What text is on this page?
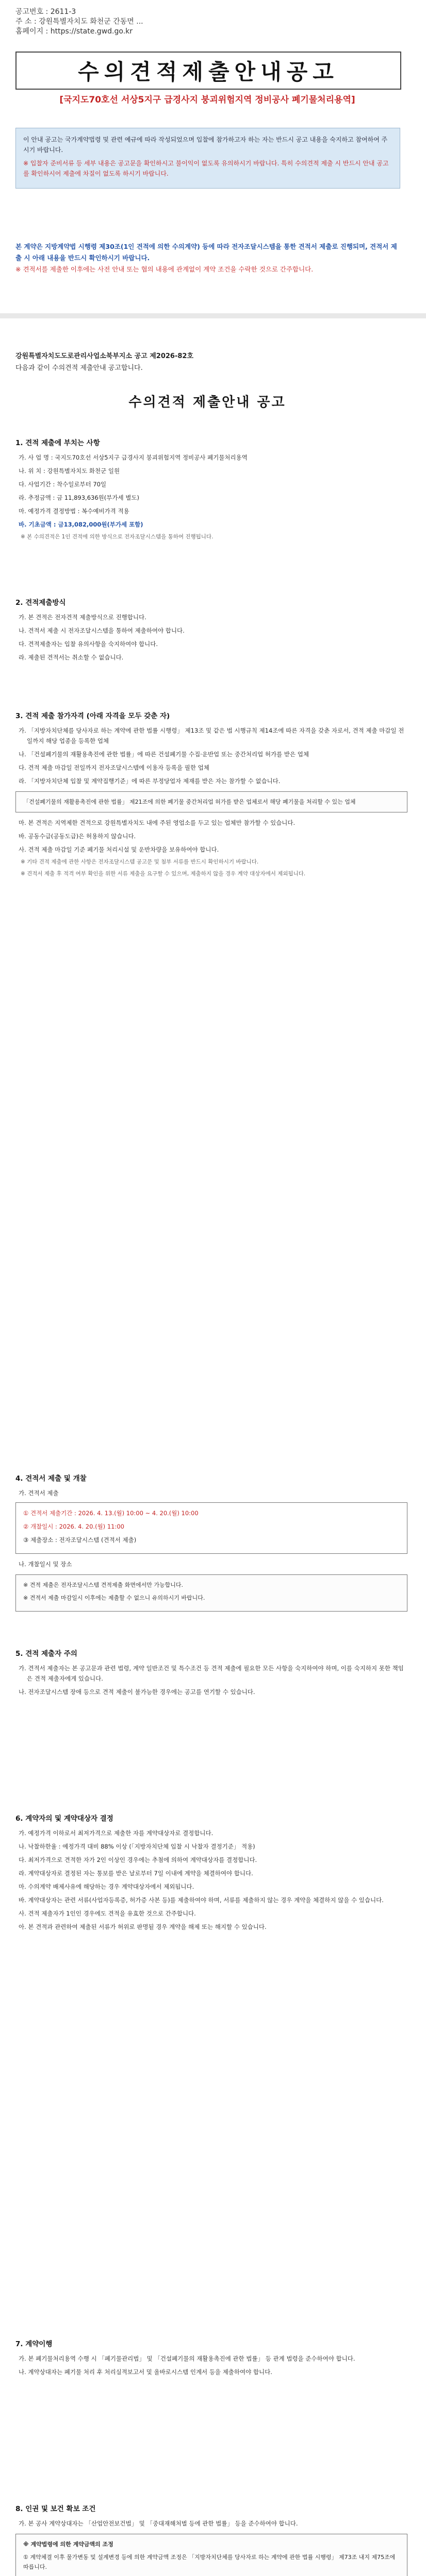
공고번호 : 2611-3
주 소 : 강원특별자치도 화천군 간동면 ...
홈페이지 : https://state.gwd.go.kr
수의견적제출안내공고
[국지도70호선 서상5지구 급경사지 붕괴위험지역 정비공사 폐기물처리용역]

이 안내 공고는 국가계약법령 및 관련 예규에 따라 작성되었으며 입찰에 참가하고자 하는 자는 반드시 공고 내용을 숙지하고 참여하여 주시기 바랍니다.

※ 입찰자 준비서류 등 세부 내용은 공고문을 확인하시고 불이익이 없도록 유의하시기 바랍니다. 특히 수의견적 제출 시 반드시 안내 공고를 확인하시어 제출에 차질이 없도록 하시기 바랍니다.

본 계약은 지방계약법 시행령 제30조(1인 견적에 의한 수의계약) 등에 따라 전자조달시스템을 통한 견적서 제출로 진행되며, 견적서 제출 시 아래 내용을 반드시 확인하시기 바랍니다.
※ 견적서를 제출한 이후에는 사전 안내 또는 협의 내용에 관계없이 계약 조건을 수락한 것으로 간주합니다.
강원특별자치도도로관리사업소북부지소 공고 제2026-82호
다음과 같이 수의견적 제출안내 공고합니다.
수의견적 제출안내 공고
1. 견적 제출에 부치는 사항

가. 사 업 명 : 국지도70호선 서상5지구 급경사지 붕괴위험지역 정비공사 폐기물처리용역

나. 위 치 : 강원특별자치도 화천군 일원

다. 사업기간 : 착수일로부터 70일

라. 추정금액 : 금 11,893,636원(부가세 별도)

마. 예정가격 결정방법 : 복수예비가격 적용

바. 기초금액 : 금13,082,000원(부가세 포함)

※ 본 수의견적은 1인 견적에 의한 방식으로 전자조달시스템을 통하여 진행됩니다.

2. 견적제출방식

가. 본 견적은 전자견적 제출방식으로 진행합니다.

나. 견적서 제출 시 전자조달시스템을 통하여 제출하여야 합니다.

다. 견적제출자는 입찰 유의사항을 숙지하여야 합니다.

라. 제출된 견적서는 취소할 수 없습니다.

3. 견적 제출 참가자격 (아래 자격을 모두 갖춘 자)

가. 「지방자치단체를 당사자로 하는 계약에 관한 법률 시행령」 제13조 및 같은 법 시행규칙 제14조에 따른 자격을 갖춘 자로서, 견적 제출 마감일 전일까지 해당 업종을 등록한 업체

나. 「건설폐기물의 재활용촉진에 관한 법률」에 따른 건설폐기물 수집·운반업 또는 중간처리업 허가를 받은 업체

다. 견적 제출 마감일 전일까지 전자조달시스템에 이용자 등록을 필한 업체

라. 「지방자치단체 입찰 및 계약집행기준」에 따른 부정당업자 제재를 받은 자는 참가할 수 없습니다.

「건설폐기물의 재활용촉진에 관한 법률」 제21조에 의한 폐기물 중간처리업 허가를 받은 업체로서 해당 폐기물을 처리할 수 있는 업체

마. 본 견적은 지역제한 견적으로 강원특별자치도 내에 주된 영업소를 두고 있는 업체만 참가할 수 있습니다.

바. 공동수급(공동도급)은 허용하지 않습니다.

사. 견적 제출 마감일 기준 폐기물 처리시설 및 운반차량을 보유하여야 합니다.

※ 기타 견적 제출에 관한 사항은 전자조달시스템 공고문 및 첨부 서류를 반드시 확인하시기 바랍니다.

※ 견적서 제출 후 적격 여부 확인을 위한 서류 제출을 요구할 수 있으며, 제출하지 않을 경우 계약 대상자에서 제외됩니다.

4. 견적서 제출 및 개찰

가. 견적서 제출

① 견적서 제출기간 : 2026. 4. 13.(월) 10:00 ~ 4. 20.(월) 10:00

② 개찰일시 : 2026. 4. 20.(월) 11:00

③ 제출장소 : 전자조달시스템 (견적서 제출)

나. 개찰일시 및 장소

※ 견적 제출은 전자조달시스템 견적제출 화면에서만 가능합니다.

※ 견적서 제출 마감일시 이후에는 제출할 수 없으니 유의하시기 바랍니다.

5. 견적 제출자 주의

가. 견적서 제출자는 본 공고문과 관련 법령, 계약 일반조건 및 특수조건 등 견적 제출에 필요한 모든 사항을 숙지하여야 하며, 이를 숙지하지 못한 책임은 견적 제출자에게 있습니다.

나. 전자조달시스템 장애 등으로 견적 제출이 불가능한 경우에는 공고를 연기할 수 있습니다.

6. 계약자의 및 계약대상자 결정

가. 예정가격 이하로서 최저가격으로 제출한 자를 계약대상자로 결정합니다.

나. 낙찰하한율 : 예정가격 대비 88% 이상 (「지방자치단체 입찰 시 낙찰자 결정기준」 적용)

다. 최저가격으로 견적한 자가 2인 이상인 경우에는 추첨에 의하여 계약대상자를 결정합니다.

라. 계약대상자로 결정된 자는 통보를 받은 날로부터 7일 이내에 계약을 체결하여야 합니다.

마. 수의계약 배제사유에 해당하는 경우 계약대상자에서 제외됩니다.

바. 계약대상자는 관련 서류(사업자등록증, 허가증 사본 등)를 제출하여야 하며, 서류를 제출하지 않는 경우 계약을 체결하지 않을 수 있습니다.

사. 견적 제출자가 1인인 경우에도 견적을 유효한 것으로 간주합니다.

아. 본 견적과 관련하여 제출된 서류가 허위로 판명될 경우 계약을 해제 또는 해지할 수 있습니다.

7. 계약이행

가. 본 폐기물처리용역 수행 시 「폐기물관리법」 및 「건설폐기물의 재활용촉진에 관한 법률」 등 관계 법령을 준수하여야 합니다.

나. 계약상대자는 폐기물 처리 후 처리실적보고서 및 올바로시스템 인계서 등을 제출하여야 합니다.

8. 인권 및 보건 확보 조건

가. 본 공사 계약상대자는 「산업안전보건법」 및 「중대재해처벌 등에 관한 법률」 등을 준수하여야 합니다.

※ 계약법령에 의한 계약금액의 조정

① 계약체결 이후 물가변동 및 설계변경 등에 의한 계약금액 조정은 「지방자치단체를 당사자로 하는 계약에 관한 법률 시행령」 제73조 내지 제75조에 따릅니다.
